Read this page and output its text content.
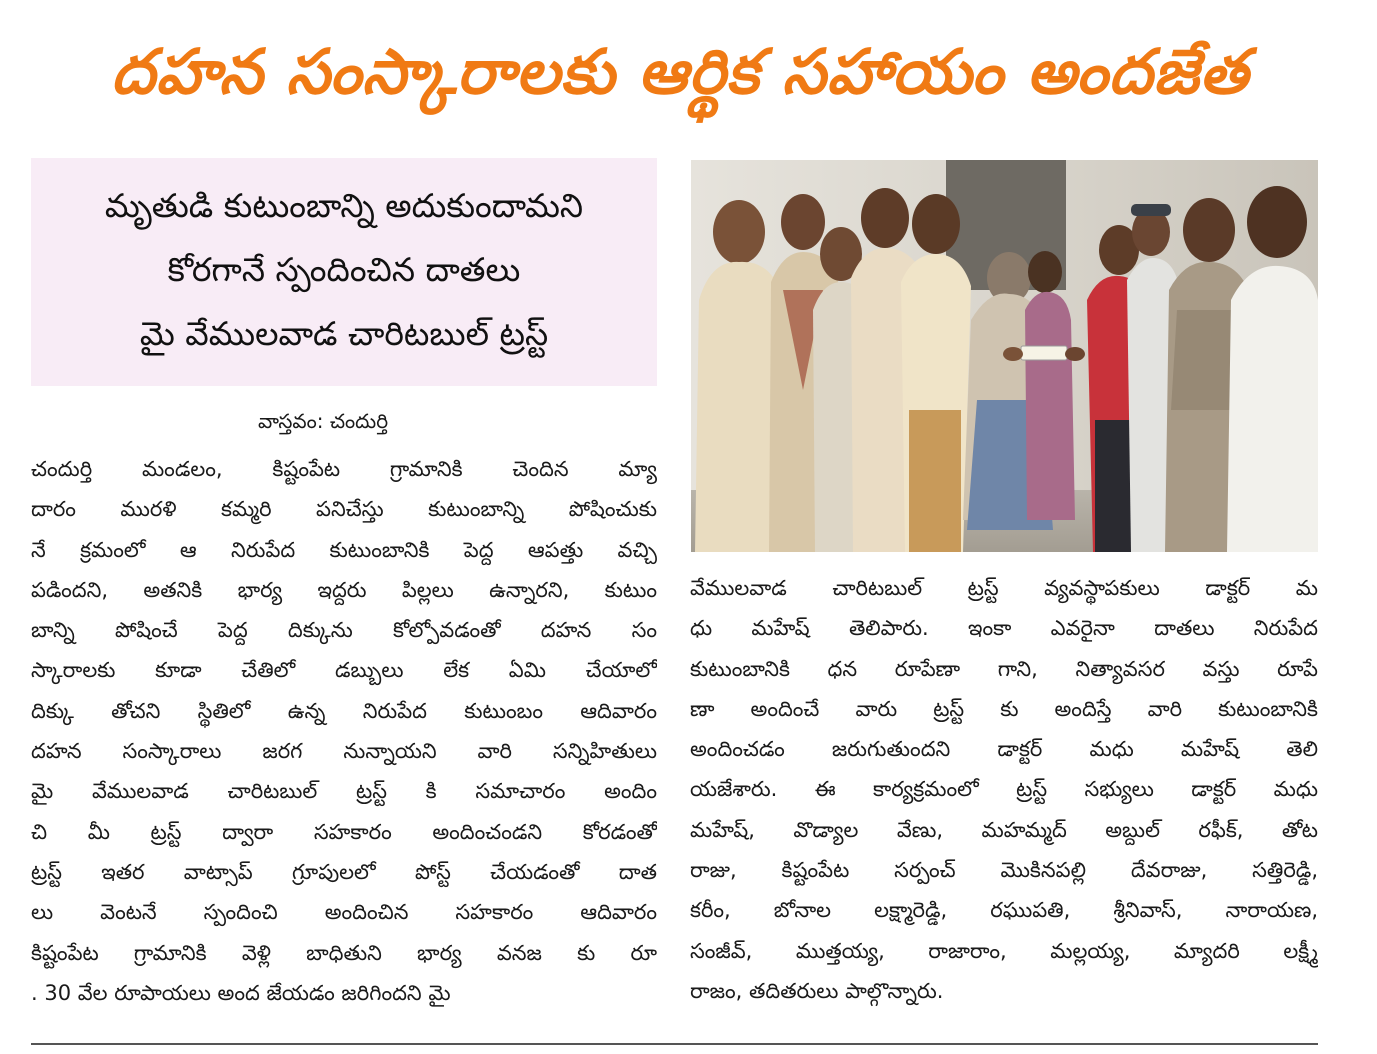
దహన సంస్కారాలకు ఆర్థిక సహాయం అందజేత
మృతుడి కుటుంబాన్ని అదుకుందామని
కోరగానే స్పందించిన దాతలు
మై వేములవాడ చారిటబుల్ ట్రస్ట్
వాస్తవం: చందుర్తి
చందుర్తి మండలం, కిష్టంపేట గ్రామానికి చెందిన మ్యా
దారం మురళి కమ్మరి పనిచేస్తు కుటుంబాన్ని పోషించుకు
నే క్రమంలో ఆ నిరుపేద కుటుంబానికి పెద్ద ఆపత్తు వచ్చి
పడిందని, అతనికి భార్య ఇద్దరు పిల్లలు ఉన్నారని, కుటుం
బాన్ని పోషించే పెద్ద దిక్కును కోల్పోవడంతో దహన సం
స్కారాలకు కూడా చేతిలో డబ్బులు లేక ఏమి చేయాలో
దిక్కు తోచని స్థితిలో ఉన్న నిరుపేద కుటుంబం ఆదివారం
దహన సంస్కారాలు జరగ నున్నాయని వారి సన్నిహితులు
మై వేములవాడ చారిటబుల్ ట్రస్ట్ కి సమాచారం అందిం
చి మీ ట్రస్ట్ ద్వారా సహకారం అందించండని కోరడంతో
ట్రస్ట్ ఇతర వాట్సాప్ గ్రూపులలో పోస్ట్ చేయడంతో దాత
లు వెంటనే స్పందించి అందించిన సహకారం ఆదివారం
కిష్టంపేట గ్రామానికి వెళ్లి బాధితుని భార్య వనజ కు రూ
. 30 వేల రూపాయలు అంద జేయడం జరిగిందని మై
వేములవాడ చారిటబుల్ ట్రస్ట్ వ్యవస్థాపకులు డాక్టర్ మ
ధు మహేష్ తెలిపారు. ఇంకా ఎవరైనా దాతలు నిరుపేద
కుటుంబానికి ధన రూపేణా గాని, నిత్యావసర వస్తు రూపే
ణా అందించే వారు ట్రస్ట్ కు అందిస్తే వారి కుటుంబానికి
అందించడం జరుగుతుందని డాక్టర్ మధు మహేష్ తెలి
యజేశారు. ఈ కార్యక్రమంలో ట్రస్ట్ సభ్యులు డాక్టర్ మధు
మహేష్, వొడ్యాల వేణు, మహమ్మద్ అబ్దుల్ రఫీక్, తోట
రాజు, కిష్టంపేట సర్పంచ్ మొకినపల్లి దేవరాజు, సత్తిరెడ్డి,
కరీం, బోనాల లక్ష్మారెడ్డి, రఘుపతి, శ్రీనివాస్, నారాయణ,
సంజీవ్, ముత్తయ్య, రాజారాం, మల్లయ్య, మ్యాదరి లక్ష్మీ
రాజం, తదితరులు పాల్గొన్నారు.
